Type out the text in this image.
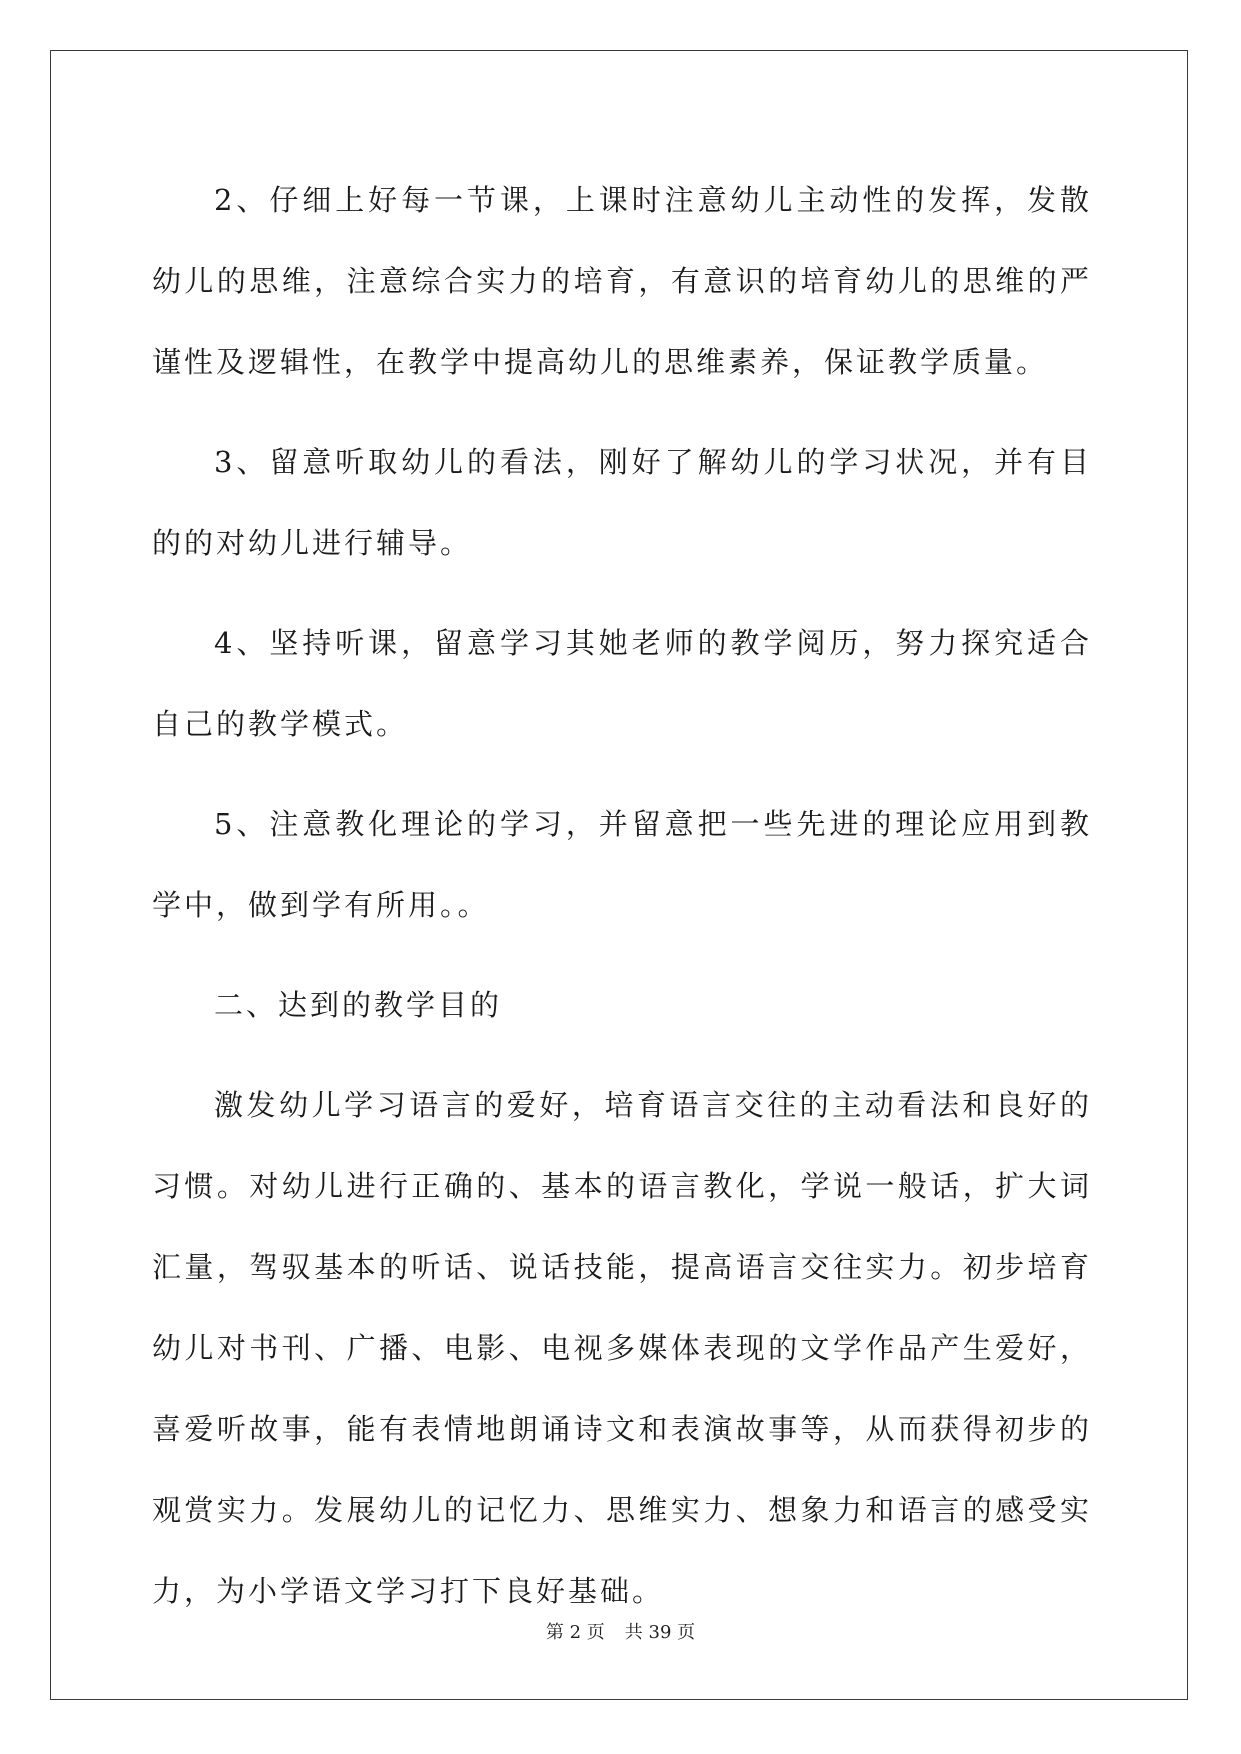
2、仔细上好每一节课，上课时注意幼儿主动性的发挥，发散幼儿的思维，注意综合实力的培育，有意识的培育幼儿的思维的严谨性及逻辑性，在教学中提高幼儿的思维素养，保证教学质量。

3、留意听取幼儿的看法，刚好了解幼儿的学习状况，并有目的的对幼儿进行辅导。

4、坚持听课，留意学习其她老师的教学阅历，努力探究适合自己的教学模式。

5、注意教化理论的学习，并留意把一些先进的理论应用到教学中，做到学有所用。。

二、达到的教学目的

激发幼儿学习语言的爱好，培育语言交往的主动看法和良好的习惯。对幼儿进行正确的、基本的语言教化，学说一般话，扩大词汇量，驾驭基本的听话、说话技能，提高语言交往实力。初步培育幼儿对书刊、广播、电影、电视多媒体表现的文学作品产生爱好，喜爱听故事，能有表情地朗诵诗文和表演故事等，从而获得初步的观赏实力。发展幼儿的记忆力、思维实力、想象力和语言的感受实力，为小学语文学习打下良好基础。

第 2 页 共 39 页
